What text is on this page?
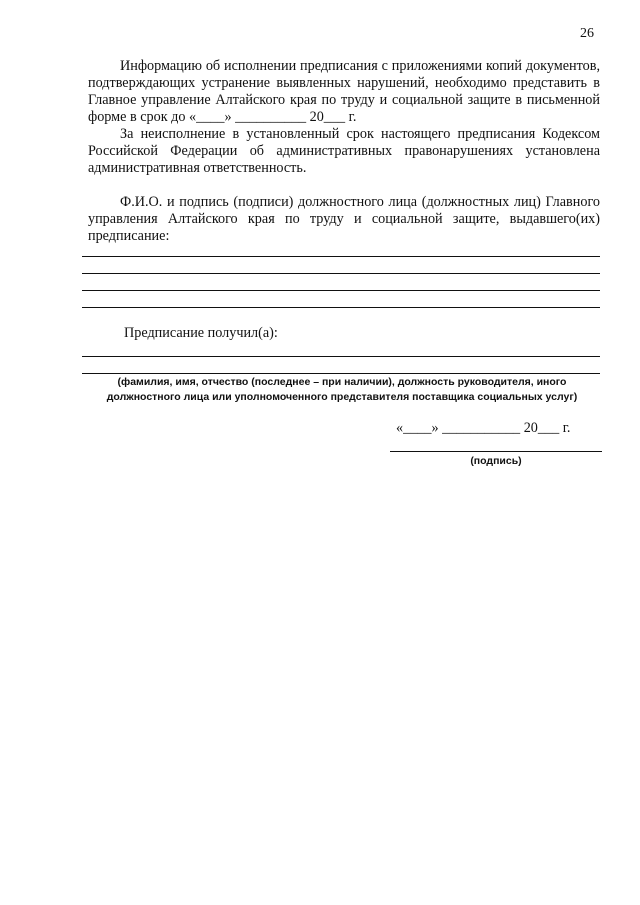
26

Информацию об исполнении предписания с приложениями копий документов, подтверждающих устранение выявленных нарушений, необходимо представить в Главное управление Алтайского края по труду и социальной защите в письменной форме в срок до «____» __________ 20___ г.

За неисполнение в установленный срок настоящего предписания Кодексом Российской Федерации об административных правонарушениях установлена административная ответственность.

Ф.И.О. и подпись (подписи) должностного лица (должностных лиц) Главного управления Алтайского края по труду и социальной защите, выдавшего(их) предписание:

Предписание получил(а):
(фамилия, имя, отчество (последнее – при наличии), должность руководителя, иного должностного лица или уполномоченного представителя поставщика социальных услуг)
«____» ___________ 20___ г.
(подпись)
